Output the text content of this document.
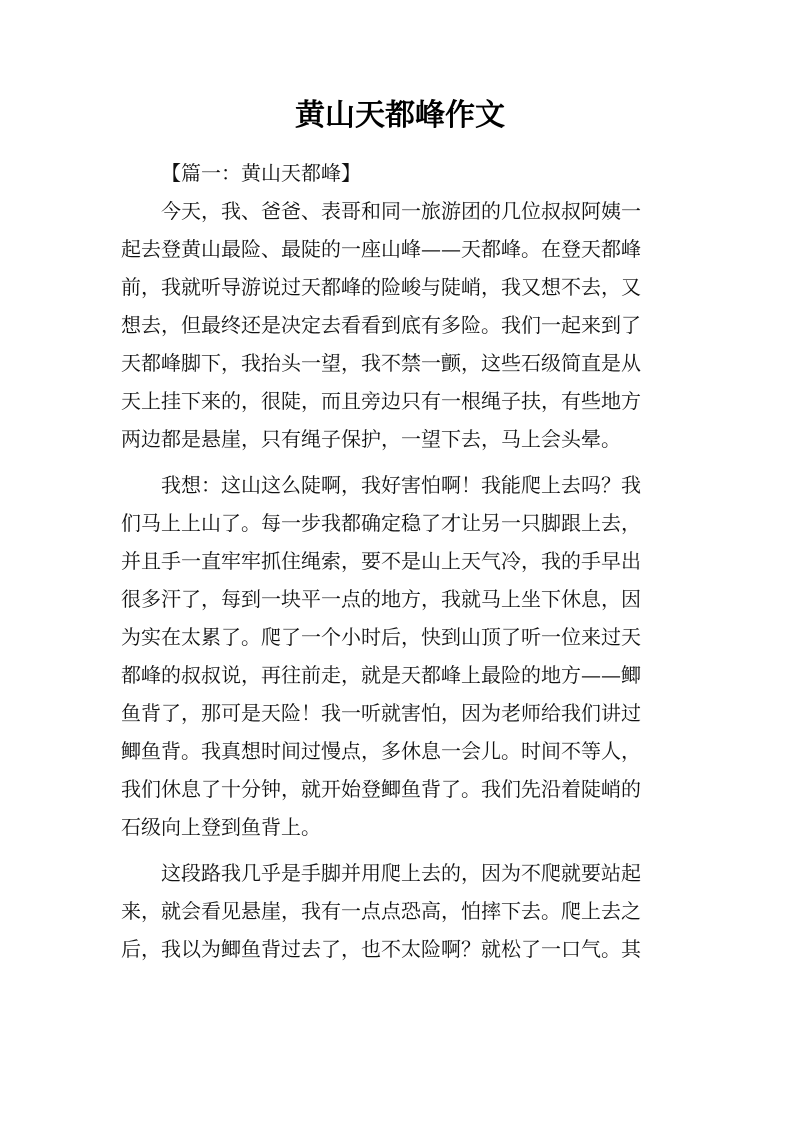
黄山天都峰作文

【篇一：黄山天都峰】

今天，我、爸爸、表哥和同一旅游团的几位叔叔阿姨一
起去登黄山最险、最陡的一座山峰——天都峰。在登天都峰
前，我就听导游说过天都峰的险峻与陡峭，我又想不去，又
想去，但最终还是决定去看看到底有多险。我们一起来到了
天都峰脚下，我抬头一望，我不禁一颤，这些石级简直是从
天上挂下来的，很陡，而且旁边只有一根绳子扶，有些地方
两边都是悬崖，只有绳子保护，一望下去，马上会头晕。

我想：这山这么陡啊，我好害怕啊！我能爬上去吗？我
们马上上山了。每一步我都确定稳了才让另一只脚跟上去，
并且手一直牢牢抓住绳索，要不是山上天气冷，我的手早出
很多汗了，每到一块平一点的地方，我就马上坐下休息，因
为实在太累了。爬了一个小时后，快到山顶了听一位来过天
都峰的叔叔说，再往前走，就是天都峰上最险的地方——鲫
鱼背了，那可是天险！我一听就害怕，因为老师给我们讲过
鲫鱼背。我真想时间过慢点，多休息一会儿。时间不等人，
我们休息了十分钟，就开始登鲫鱼背了。我们先沿着陡峭的
石级向上登到鱼背上。

这段路我几乎是手脚并用爬上去的，因为不爬就要站起
来，就会看见悬崖，我有一点点恐高，怕摔下去。爬上去之
后，我以为鲫鱼背过去了，也不太险啊？就松了一口气。其
